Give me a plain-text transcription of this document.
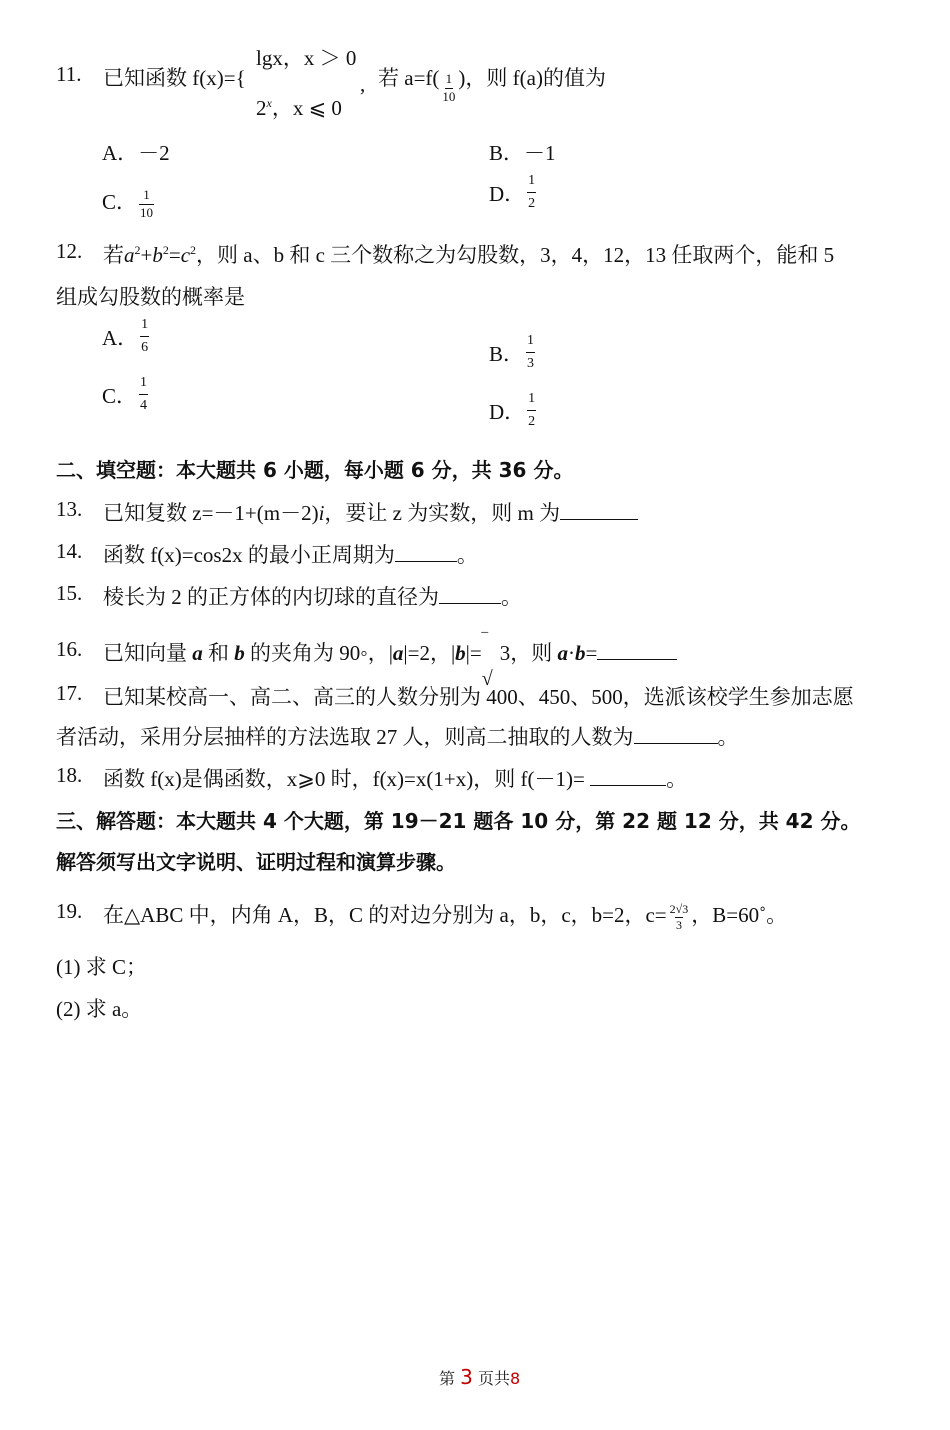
11. 已知函数 f(x)={
lgx，x ＞ 0
2$^x$，x ⩽ 0
, 若 $a=f( \frac{1}{10}$ )，则 f(a)的值为
A．－2	B．－1
C． $\frac{1}{10}$	D． $\frac{1}{2}$
12. 若$a^2+b^2=c^2$，则 a、b 和 c 三个数称之为勾股数，3，4，12，13 任取两个，能和 5
组成勾股数的概率是
A． $\frac{1}{6}$	B． $\frac{1}{3}$
C． $\frac{1}{4}$	D． $\frac{1}{2}$
二、填空题：本大题共 6 小题，每小题 6 分，共 36 分。
13. 已知复数 z=－1+(m－2)i，要让 z 为实数，则 m 为
14. 函数 f(x)=cos2x 的最小正周期为	。
15. 棱长为 2 的正方体的内切球的直径为	。
16. 已知向量 a 和 b 的夹角为 90◦，|a|=2，|b|=
‾
√
3，则 a·b=
17. 已知某校高一、高二、高三的人数分别为 400、450、500，选派该校学生参加志愿
者活动，采用分层抽样的方法选取 27 人，则高二抽取的人数为	。
18. 函数 f(x)是偶函数，x⩾0 时，f(x)=x(1+x)，则 f(－1)=	。
三、解答题：本大题共 4 个大题，第 19－21 题各 10 分，第 22 题 12 分，共 42 分。
解答须写出文字说明、证明过程和演算步骤。
19. 在△ABC 中，内角 A，B，C 的对边分别为 a，b，c，b=2，$c= \frac{2√3}{3}$ ，B=60˚。
(1) 求 C；
(2) 求 a。
第 3 页共8
